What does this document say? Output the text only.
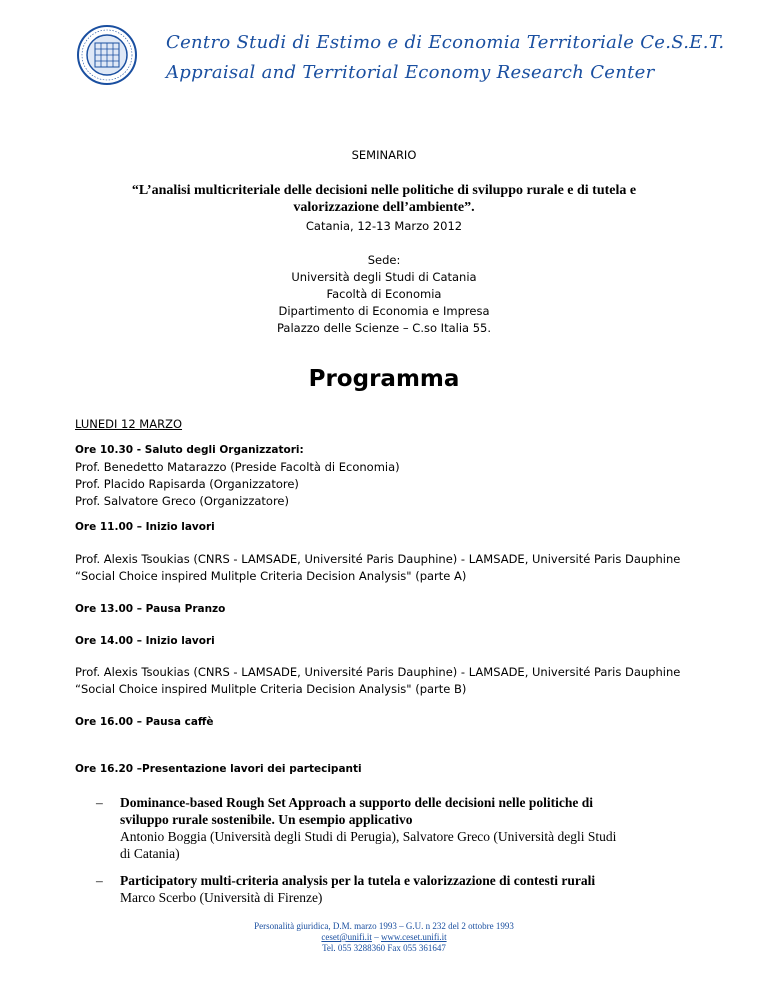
Centro Studi di Estimo e di Economia Territoriale Ce.S.E.T.
Appraisal and Territorial Economy Research Center
SEMINARIO
“L’analisi multicriteriale delle decisioni nelle politiche di sviluppo rurale e di tutela e
valorizzazione dell’ambiente”.
Catania, 12-13 Marzo 2012
Sede:
Università degli Studi di Catania
Facoltà di Economia
Dipartimento di Economia e Impresa
Palazzo delle Scienze – C.so Italia 55.
Programma
LUNEDI 12 MARZO
Ore 10.30 - Saluto degli Organizzatori:
Prof. Benedetto Matarazzo (Preside Facoltà di Economia)
Prof. Placido Rapisarda (Organizzatore)
Prof. Salvatore Greco (Organizzatore)
Ore 11.00 – Inizio lavori
Prof. Alexis Tsoukias (CNRS - LAMSADE, Université Paris Dauphine) - LAMSADE, Université Paris Dauphine
“Social Choice inspired Mulitple Criteria Decision Analysis" (parte A)
Ore 13.00 – Pausa Pranzo
Ore 14.00 – Inizio lavori
Prof. Alexis Tsoukias (CNRS - LAMSADE, Université Paris Dauphine) - LAMSADE, Université Paris Dauphine
“Social Choice inspired Mulitple Criteria Decision Analysis" (parte B)
Ore 16.00 – Pausa caffè
Ore 16.20 –Presentazione lavori dei partecipanti
– Dominance-based Rough Set Approach a supporto delle decisioni nelle politiche di
sviluppo rurale sostenibile. Un esempio applicativo
Antonio Boggia (Università degli Studi di Perugia), Salvatore Greco (Università degli Studi
di Catania)
– Participatory multi-criteria analysis per la tutela e valorizzazione di contesti rurali
Marco Scerbo (Università di Firenze)
Personalità giuridica, D.M. marzo 1993 – G.U. n 232 del 2 ottobre 1993
ceset@unifi.it – www.ceset.unifi.it
Tel. 055 3288360 Fax 055 361647
